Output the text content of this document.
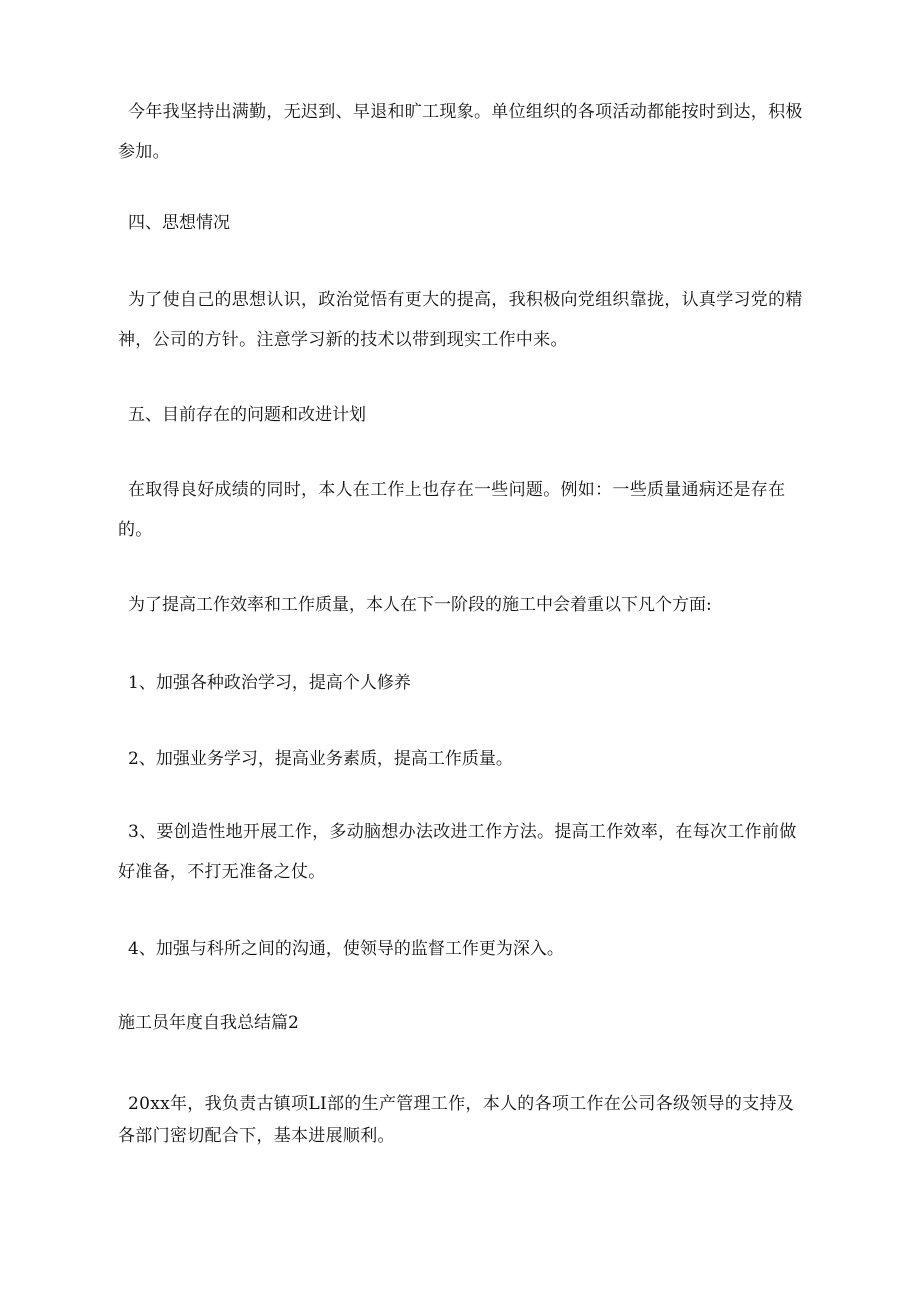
今年我坚持出满勤，无迟到、早退和旷工现象。单位组织的各项活动都能按时到达，积极参加。

四、思想情况

为了使自己的思想认识，政治觉悟有更大的提高，我积极向党组织靠拢，认真学习党的精神，公司的方针。注意学习新的技术以带到现实工作中来。

五、目前存在的问题和改进计划

在取得良好成绩的同时，本人在工作上也存在一些问题。例如：一些质量通病还是存在的。

为了提高工作效率和工作质量，本人在下一阶段的施工中会着重以下凡个方面:

1、加强各种政治学习，提高个人修养

2、加强业务学习，提高业务素质，提高工作质量。

3、要创造性地开展工作，多动脑想办法改进工作方法。提高工作效率，在每次工作前做好准备，不打无准备之仗。

4、加强与科所之间的沟通，使领导的监督工作更为深入。

施工员年度自我总结篇2

20xx年，我负责古镇项LI部的生产管理工作，本人的各项工作在公司各级领导的支持及各部门密切配合下，基本进展顺利。
